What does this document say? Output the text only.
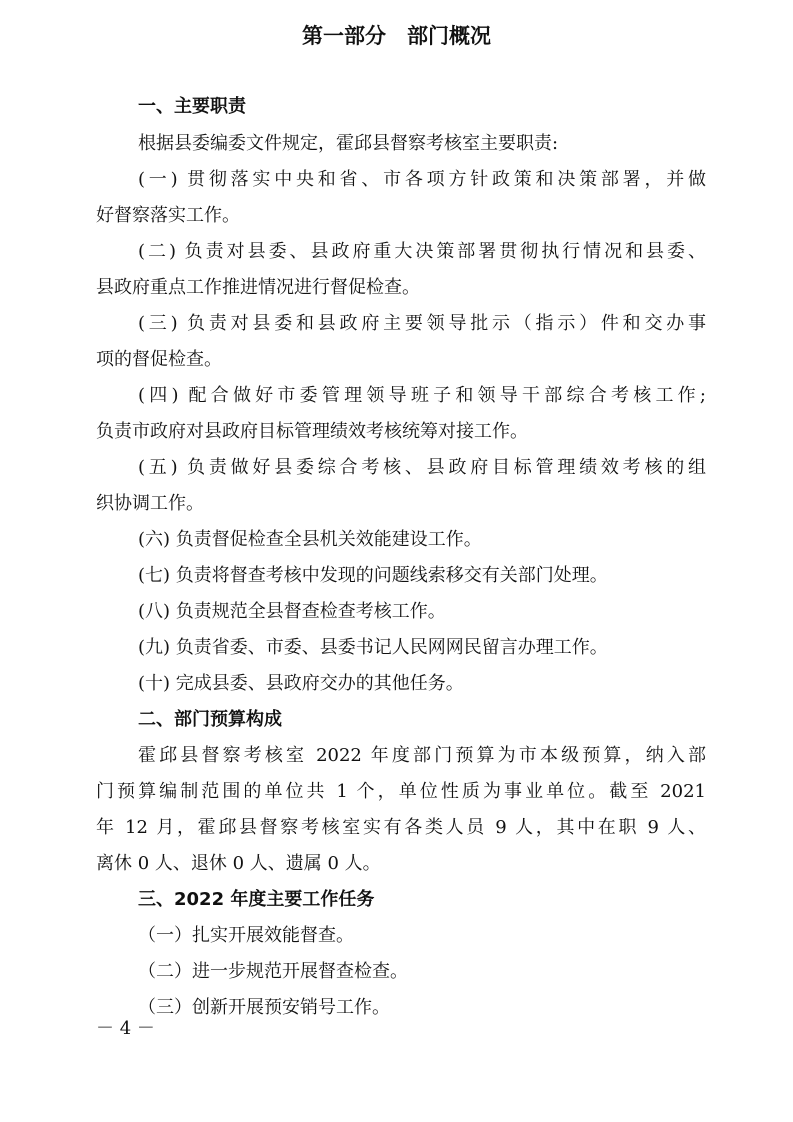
第一部分　部门概况
一、主要职责
根据县委编委文件规定，霍邱县督察考核室主要职责:
(一) 贯彻落实中央和省、市各项方针政策和决策部署，并做
好督察落实工作。
(二) 负责对县委、县政府重大决策部署贯彻执行情况和县委、
县政府重点工作推进情况进行督促检查。
(三) 负责对县委和县政府主要领导批示（指示）件和交办事
项的督促检查。
(四) 配合做好市委管理领导班子和领导干部综合考核工作;
负责市政府对县政府目标管理绩效考核统筹对接工作。
(五) 负责做好县委综合考核、县政府目标管理绩效考核的组
织协调工作。
(六) 负责督促检查全县机关效能建设工作。
(七) 负责将督查考核中发现的问题线索移交有关部门处理。
(八) 负责规范全县督查检查考核工作。
(九) 负责省委、市委、县委书记人民网网民留言办理工作。
(十) 完成县委、县政府交办的其他任务。
二、部门预算构成
霍邱县督察考核室 2022 年度部门预算为市本级预算，纳入部
门预算编制范围的单位共 1 个，单位性质为事业单位。截至 2021
年 12 月，霍邱县督察考核室实有各类人员 9 人，其中在职 9 人、
离休 0 人、退休 0 人、遗属 0 人。
三、2022 年度主要工作任务
（一）扎实开展效能督查。
（二）进一步规范开展督查检查。
（三）创新开展预安销号工作。
－ 4 －
